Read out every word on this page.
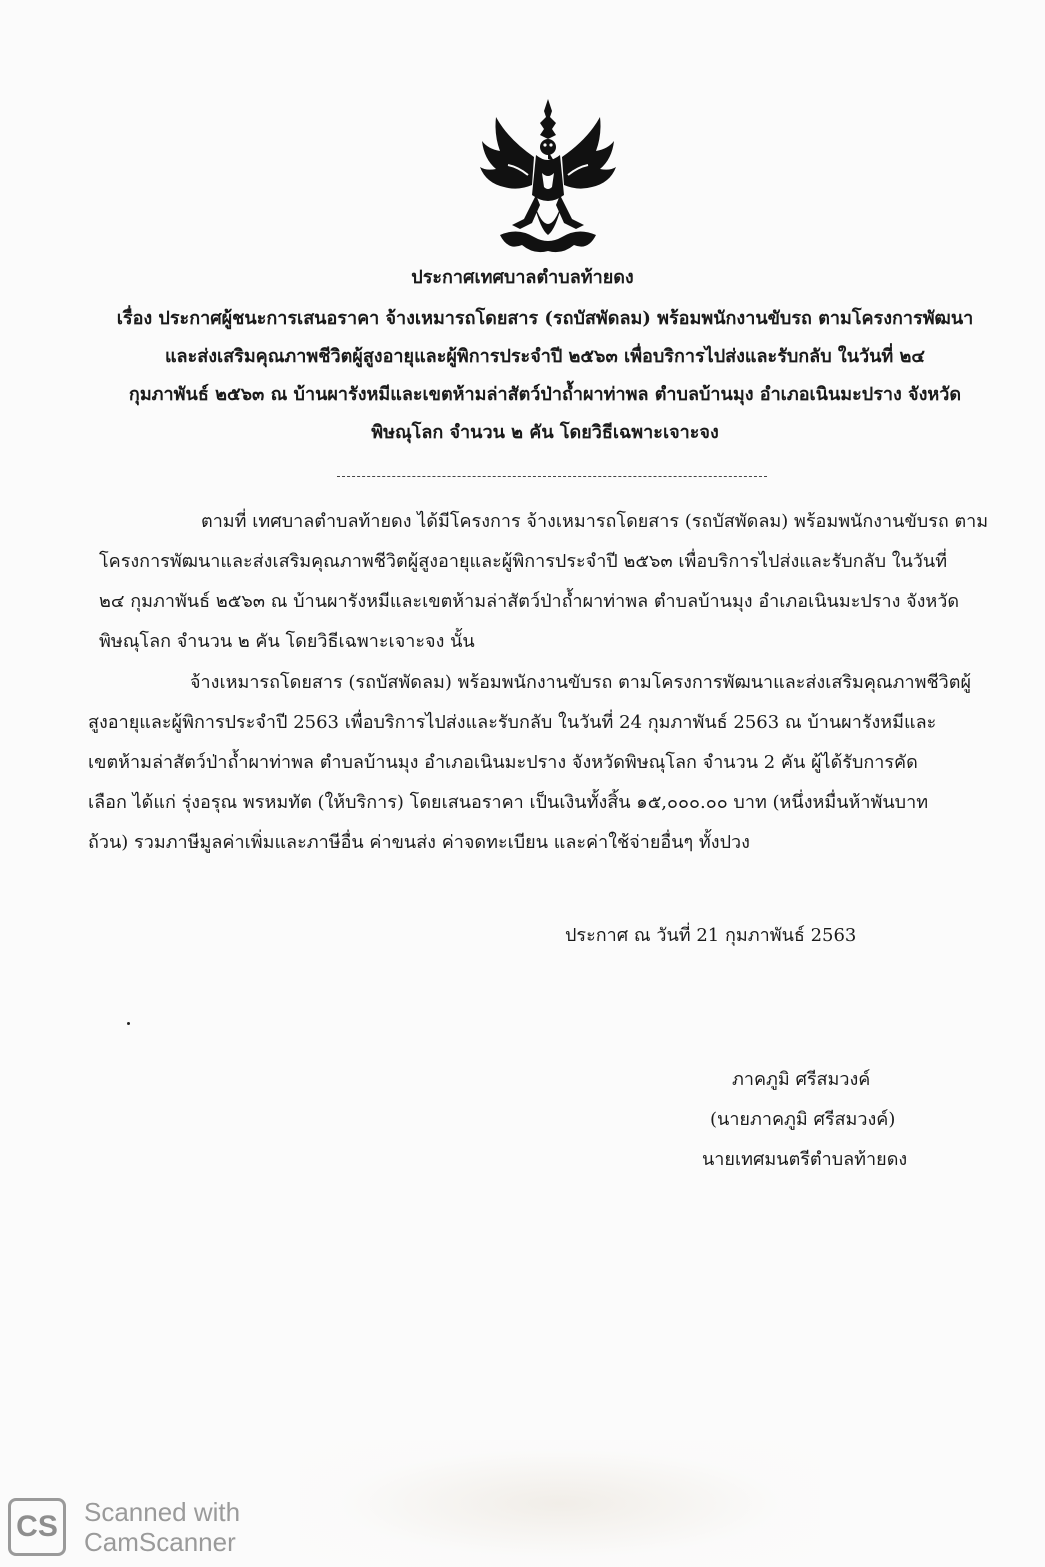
ประกาศเทศบาลตำบลท้ายดง
เรื่อง ประกาศผู้ชนะการเสนอราคา จ้างเหมารถโดยสาร (รถบัสพัดลม) พร้อมพนักงานขับรถ ตามโครงการพัฒนา
และส่งเสริมคุณภาพชีวิตผู้สูงอายุและผู้พิการประจำปี ๒๕๖๓ เพื่อบริการไปส่งและรับกลับ ในวันที่ ๒๔
กุมภาพันธ์ ๒๕๖๓ ณ บ้านผารังหมีและเขตห้ามล่าสัตว์ป่าถ้ำผาท่าพล ตำบลบ้านมุง อำเภอเนินมะปราง จังหวัด
พิษณุโลก จำนวน ๒ คัน โดยวิธีเฉพาะเจาะจง
ตามที่ เทศบาลตำบลท้ายดง ได้มีโครงการ จ้างเหมารถโดยสาร (รถบัสพัดลม) พร้อมพนักงานขับรถ ตาม
โครงการพัฒนาและส่งเสริมคุณภาพชีวิตผู้สูงอายุและผู้พิการประจำปี ๒๕๖๓ เพื่อบริการไปส่งและรับกลับ ในวันที่
๒๔ กุมภาพันธ์ ๒๕๖๓ ณ บ้านผารังหมีและเขตห้ามล่าสัตว์ป่าถ้ำผาท่าพล ตำบลบ้านมุง อำเภอเนินมะปราง จังหวัด
พิษณุโลก จำนวน ๒ คัน โดยวิธีเฉพาะเจาะจง นั้น
จ้างเหมารถโดยสาร (รถบัสพัดลม) พร้อมพนักงานขับรถ ตามโครงการพัฒนาและส่งเสริมคุณภาพชีวิตผู้
สูงอายุและผู้พิการประจำปี 2563 เพื่อบริการไปส่งและรับกลับ ในวันที่ 24 กุมภาพันธ์ 2563 ณ บ้านผารังหมีและ
เขตห้ามล่าสัตว์ป่าถ้ำผาท่าพล ตำบลบ้านมุง อำเภอเนินมะปราง จังหวัดพิษณุโลก จำนวน 2 คัน ผู้ได้รับการคัด
เลือก ได้แก่ รุ่งอรุณ พรหมทัต (ให้บริการ) โดยเสนอราคา เป็นเงินทั้งสิ้น ๑๕,๐๐๐.๐๐ บาท (หนึ่งหมื่นห้าพันบาท
ถ้วน) รวมภาษีมูลค่าเพิ่มและภาษีอื่น ค่าขนส่ง ค่าจดทะเบียน และค่าใช้จ่ายอื่นๆ ทั้งปวง
ประกาศ ณ วันที่ 21 กุมภาพันธ์ 2563
ภาคภูมิ ศรีสมวงค์
(นายภาคภูมิ ศรีสมวงค์)
นายเทศมนตรีตำบลท้ายดง
CS	Scanned with
CamScanner
